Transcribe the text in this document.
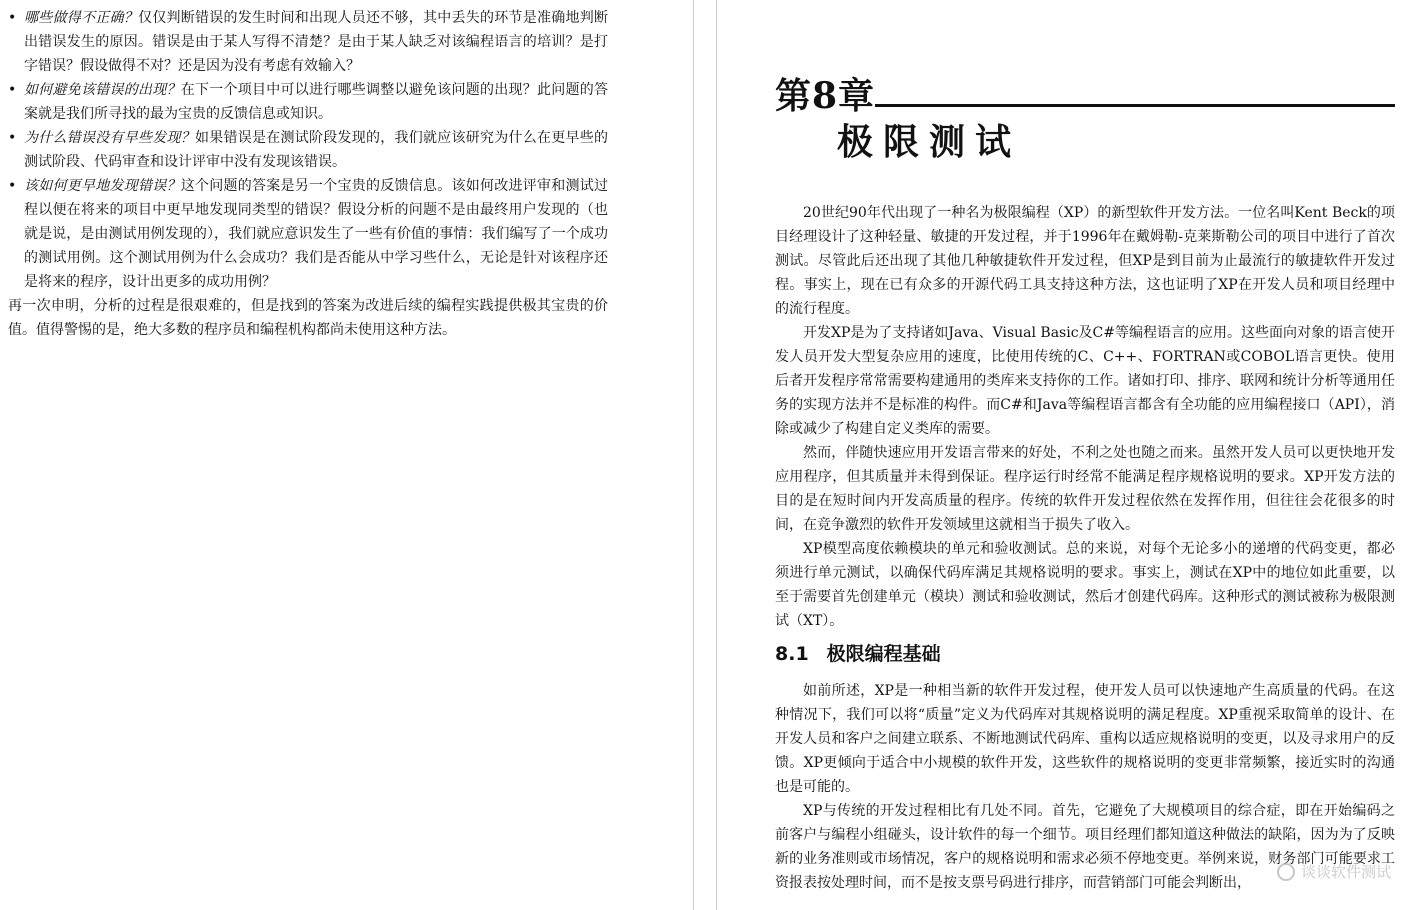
• 哪些做得不正确？仅仅判断错误的发生时间和出现人员还不够，其中丢失的环节是准确地判断出错误发生的原因。错误是由于某人写得不清楚？是由于某人缺乏对该编程语言的培训？是打字错误？假设做得不对？还是因为没有考虑有效输入？

• 如何避免该错误的出现？在下一个项目中可以进行哪些调整以避免该问题的出现？此问题的答案就是我们所寻找的最为宝贵的反馈信息或知识。

• 为什么错误没有早些发现？如果错误是在测试阶段发现的，我们就应该研究为什么在更早些的测试阶段、代码审查和设计评审中没有发现该错误。

• 该如何更早地发现错误？这个问题的答案是另一个宝贵的反馈信息。该如何改进评审和测试过程以便在将来的项目中更早地发现同类型的错误？假设分析的问题不是由最终用户发现的（也就是说，是由测试用例发现的），我们就应意识发生了一些有价值的事情：我们编写了一个成功的测试用例。这个测试用例为什么会成功？我们是否能从中学习些什么，无论是针对该程序还是将来的程序，设计出更多的成功用例？

再一次申明，分析的过程是很艰难的，但是找到的答案为改进后续的编程实践提供极其宝贵的价值。值得警惕的是，绝大多数的程序员和编程机构都尚未使用这种方法。

第8章
极限测试

20世纪90年代出现了一种名为极限编程（XP）的新型软件开发方法。一位名叫Kent Beck的项目经理设计了这种轻量、敏捷的开发过程，并于1996年在戴姆勒-克莱斯勒公司的项目中进行了首次测试。尽管此后还出现了其他几种敏捷软件开发过程，但XP是到目前为止最流行的敏捷软件开发过程。事实上，现在已有众多的开源代码工具支持这种方法，这也证明了XP在开发人员和项目经理中的流行程度。

开发XP是为了支持诸如Java、Visual Basic及C#等编程语言的应用。这些面向对象的语言使开发人员开发大型复杂应用的速度，比使用传统的C、C++、FORTRAN或COBOL语言更快。使用后者开发程序常常需要构建通用的类库来支持你的工作。诸如打印、排序、联网和统计分析等通用任务的实现方法并不是标准的构件。而C#和Java等编程语言都含有全功能的应用编程接口（API），消除或减少了构建自定义类库的需要。

然而，伴随快速应用开发语言带来的好处，不利之处也随之而来。虽然开发人员可以更快地开发应用程序，但其质量并未得到保证。程序运行时经常不能满足程序规格说明的要求。XP开发方法的目的是在短时间内开发高质量的程序。传统的软件开发过程依然在发挥作用，但往往会花很多的时间，在竞争激烈的软件开发领域里这就相当于损失了收入。

XP模型高度依赖模块的单元和验收测试。总的来说，对每个无论多小的递增的代码变更，都必须进行单元测试，以确保代码库满足其规格说明的要求。事实上，测试在XP中的地位如此重要，以至于需要首先创建单元（模块）测试和验收测试，然后才创建代码库。这种形式的测试被称为极限测试（XT）。

8.1 极限编程基础

如前所述，XP是一种相当新的软件开发过程，使开发人员可以快速地产生高质量的代码。在这种情况下，我们可以将“质量”定义为代码库对其规格说明的满足程度。XP重视采取简单的设计、在开发人员和客户之间建立联系、不断地测试代码库、重构以适应规格说明的变更，以及寻求用户的反馈。XP更倾向于适合中小规模的软件开发，这些软件的规格说明的变更非常频繁，接近实时的沟通也是可能的。

XP与传统的开发过程相比有几处不同。首先，它避免了大规模项目的综合症，即在开始编码之前客户与编程小组碰头，设计软件的每一个细节。项目经理们都知道这种做法的缺陷，因为为了反映新的业务准则或市场情况，客户的规格说明和需求必须不停地变更。举例来说，财务部门可能要求工资报表按处理时间，而不是按支票号码进行排序，而营销部门可能会判断出，

谈谈软件测试
